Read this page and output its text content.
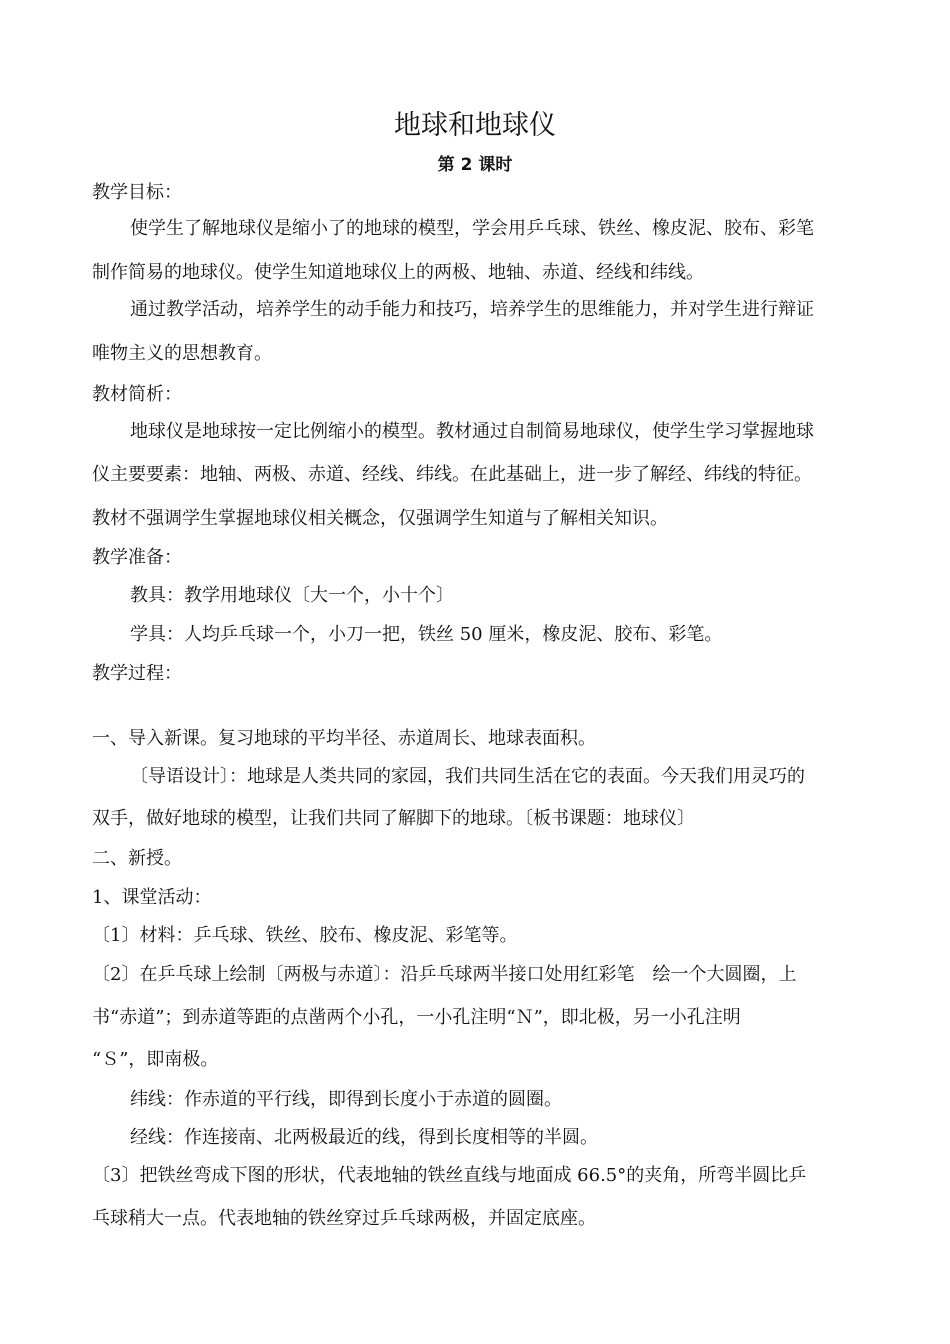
地球和地球仪
第 2 课时

教学目标：

使学生了解地球仪是缩小了的地球的模型，学会用乒乓球、铁丝、橡皮泥、胶布、彩笔

制作简易的地球仪。使学生知道地球仪上的两极、地轴、赤道、经线和纬线。

通过教学活动，培养学生的动手能力和技巧，培养学生的思维能力，并对学生进行辩证

唯物主义的思想教育。

教材简析：

地球仪是地球按一定比例缩小的模型。教材通过自制简易地球仪，使学生学习掌握地球

仪主要要素：地轴、两极、赤道、经线、纬线。在此基础上，进一步了解经、纬线的特征。

教材不强调学生掌握地球仪相关概念，仅强调学生知道与了解相关知识。

教学准备：

教具：教学用地球仪〔大一个，小十个〕

学具：人均乒乓球一个，小刀一把，铁丝 50 厘米，橡皮泥、胶布、彩笔。

教学过程：

一、导入新课。复习地球的平均半径、赤道周长、地球表面积。

〔导语设计〕：地球是人类共同的家园，我们共同生活在它的表面。今天我们用灵巧的

双手，做好地球的模型，让我们共同了解脚下的地球。〔板书课题：地球仪〕

二、新授。

1、课堂活动：

〔1〕材料：乒乓球、铁丝、胶布、橡皮泥、彩笔等。

〔2〕在乒乓球上绘制〔两极与赤道〕：沿乒乓球两半接口处用红彩笔　绘一个大圆圈，上

书“赤道”；到赤道等距的点凿两个小孔，一小孔注明“Ｎ”，即北极，另一小孔注明

“Ｓ”，即南极。

纬线：作赤道的平行线，即得到长度小于赤道的圆圈。

经线：作连接南、北两极最近的线，得到长度相等的半圆。

〔3〕把铁丝弯成下图的形状，代表地轴的铁丝直线与地面成 66.5°的夹角，所弯半圆比乒

乓球稍大一点。代表地轴的铁丝穿过乒乓球两极，并固定底座。
